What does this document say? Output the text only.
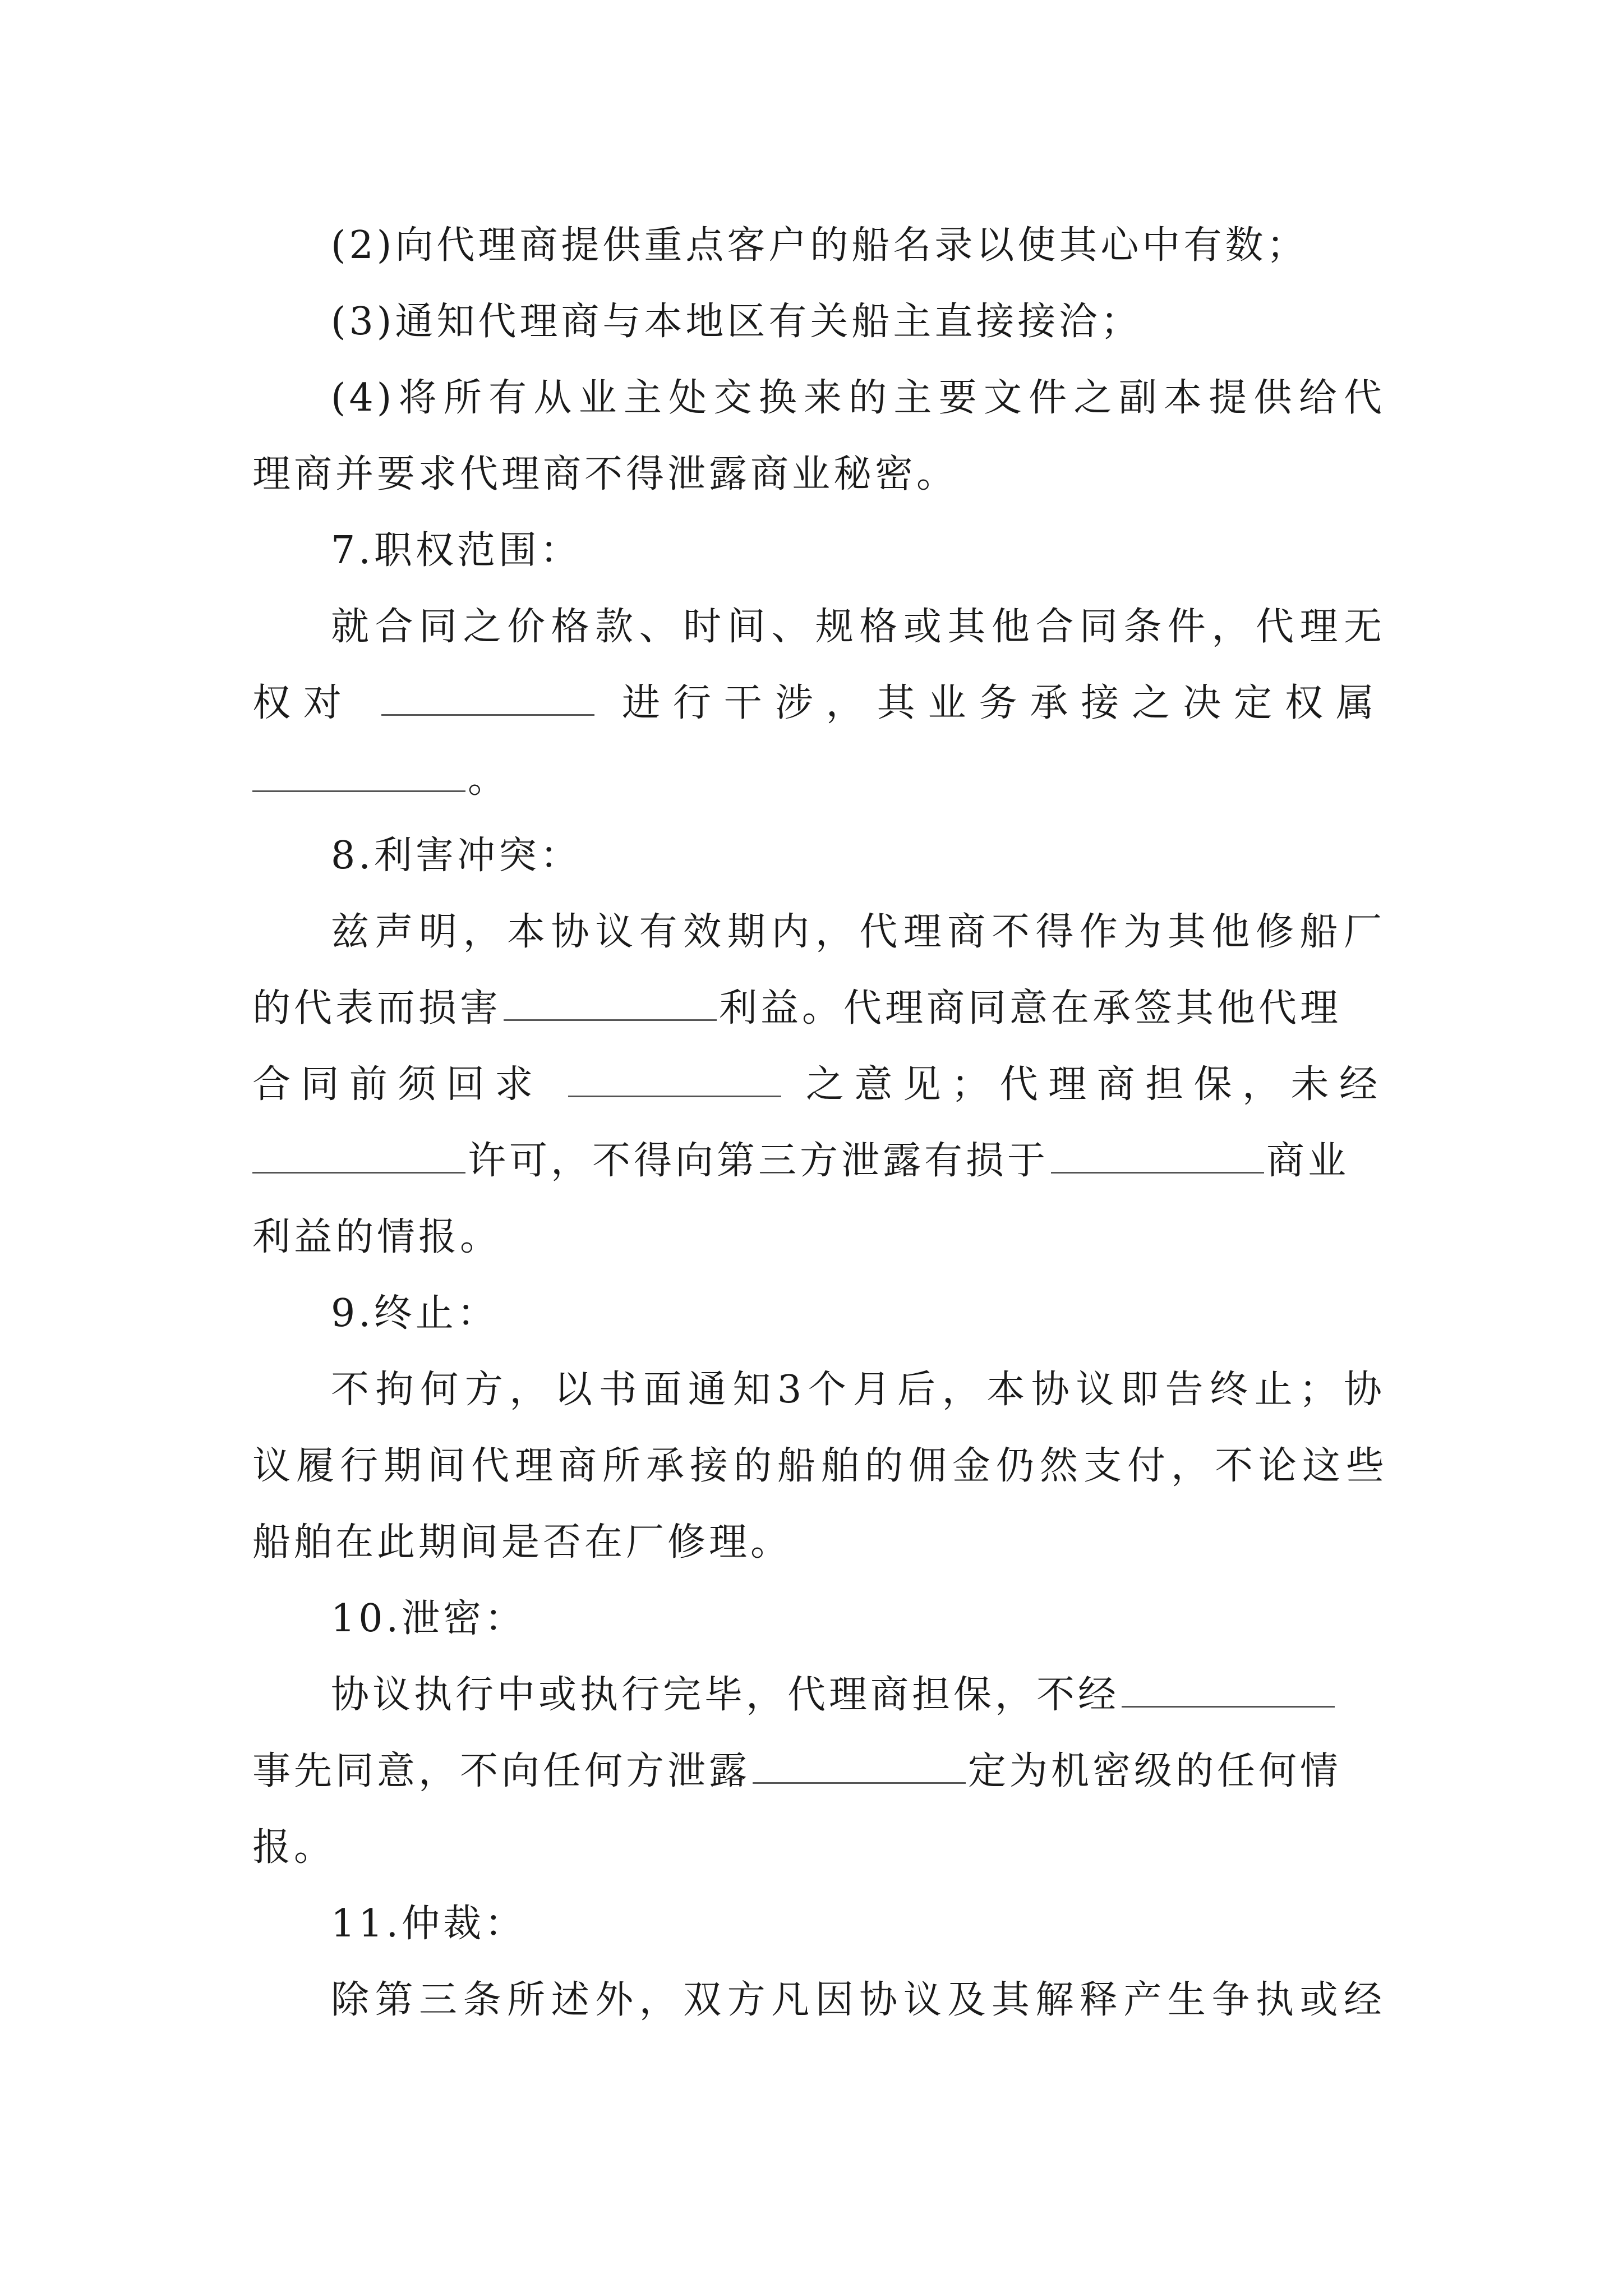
(2)向代理商提供重点客户的船名录以使其心中有数；
(3)通知代理商与本地区有关船主直接接洽；
(4)将所有从业主处交换来的主要文件之副本提供给代
理商并要求代理商不得泄露商业秘密。
7.职权范围：
就合同之价格款、时间、规格或其他合同条件，代理无
权对	进行干涉，其业务承接之决定权属
。
8.利害冲突：
兹声明，本协议有效期内，代理商不得作为其他修船厂
的代表而损害	利益。代理商同意在承签其他代理
合同前须回求	之意见；代理商担保，未经
许可，不得向第三方泄露有损于	商业
利益的情报。
9.终止：
不拘何方，以书面通知3个月后，本协议即告终止；协
议履行期间代理商所承接的船舶的佣金仍然支付，不论这些
船舶在此期间是否在厂修理。
10.泄密：
协议执行中或执行完毕，代理商担保，不经
事先同意，不向任何方泄露	定为机密级的任何情
报。
11.仲裁：
除第三条所述外，双方凡因协议及其解释产生争执或经
